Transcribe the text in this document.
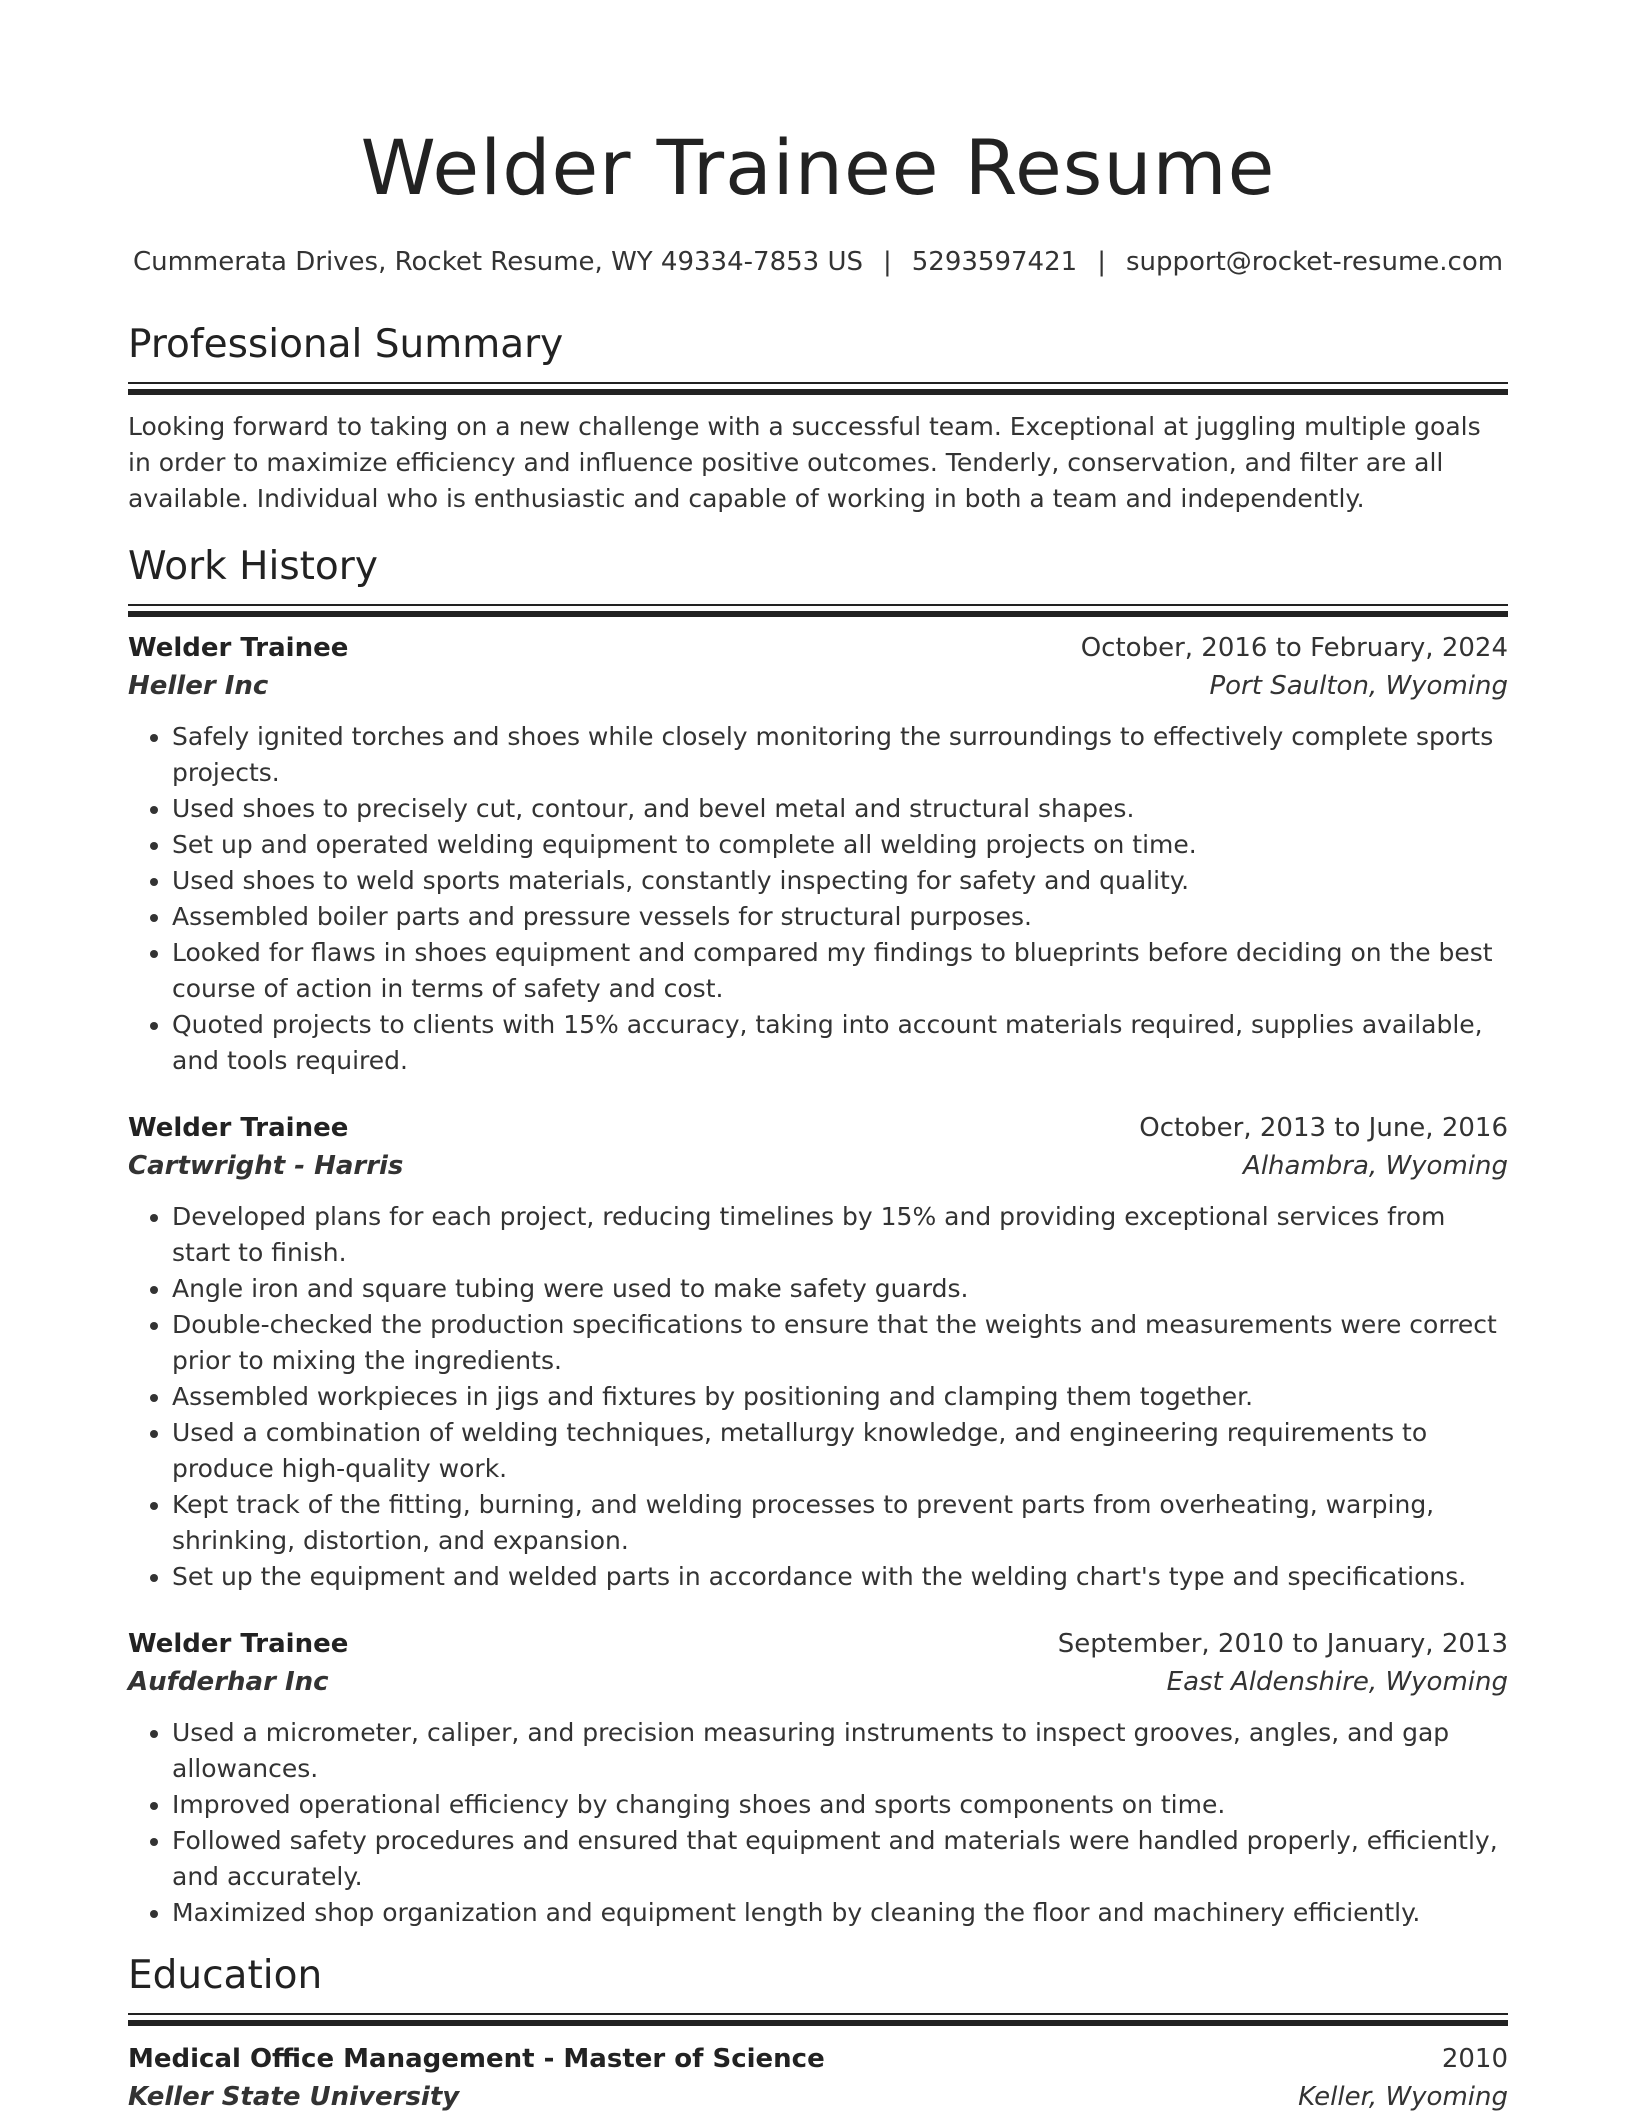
Welder Trainee Resume
Cummerata Drives, Rocket Resume, WY 49334-7853 US | 5293597421 | support@rocket-resume.com
Professional Summary

Looking forward to taking on a new challenge with a successful team. Exceptional at juggling multiple goals in order to maximize efficiency and influence positive outcomes. Tenderly, conservation, and filter are all available. Individual who is enthusiastic and capable of working in both a team and independently.

Work History
Welder Trainee	October, 2016 to February, 2024
Heller Inc	Port Saulton, Wyoming
• Safely ignited torches and shoes while closely monitoring the surroundings to effectively complete sports projects.
• Used shoes to precisely cut, contour, and bevel metal and structural shapes.
• Set up and operated welding equipment to complete all welding projects on time.
• Used shoes to weld sports materials, constantly inspecting for safety and quality.
• Assembled boiler parts and pressure vessels for structural purposes.
• Looked for flaws in shoes equipment and compared my findings to blueprints before deciding on the best course of action in terms of safety and cost.
• Quoted projects to clients with 15% accuracy, taking into account materials required, supplies available, and tools required.
Welder Trainee	October, 2013 to June, 2016
Cartwright - Harris	Alhambra, Wyoming
• Developed plans for each project, reducing timelines by 15% and providing exceptional services from start to finish.
• Angle iron and square tubing were used to make safety guards.
• Double-checked the production specifications to ensure that the weights and measurements were correct prior to mixing the ingredients.
• Assembled workpieces in jigs and fixtures by positioning and clamping them together.
• Used a combination of welding techniques, metallurgy knowledge, and engineering requirements to produce high-quality work.
• Kept track of the fitting, burning, and welding processes to prevent parts from overheating, warping, shrinking, distortion, and expansion.
• Set up the equipment and welded parts in accordance with the welding chart's type and specifications.
Welder Trainee	September, 2010 to January, 2013
Aufderhar Inc	East Aldenshire, Wyoming
• Used a micrometer, caliper, and precision measuring instruments to inspect grooves, angles, and gap allowances.
• Improved operational efficiency by changing shoes and sports components on time.
• Followed safety procedures and ensured that equipment and materials were handled properly, efficiently, and accurately.
• Maximized shop organization and equipment length by cleaning the floor and machinery efficiently.
Education
Medical Office Management - Master of Science	2010
Keller State University	Keller, Wyoming
